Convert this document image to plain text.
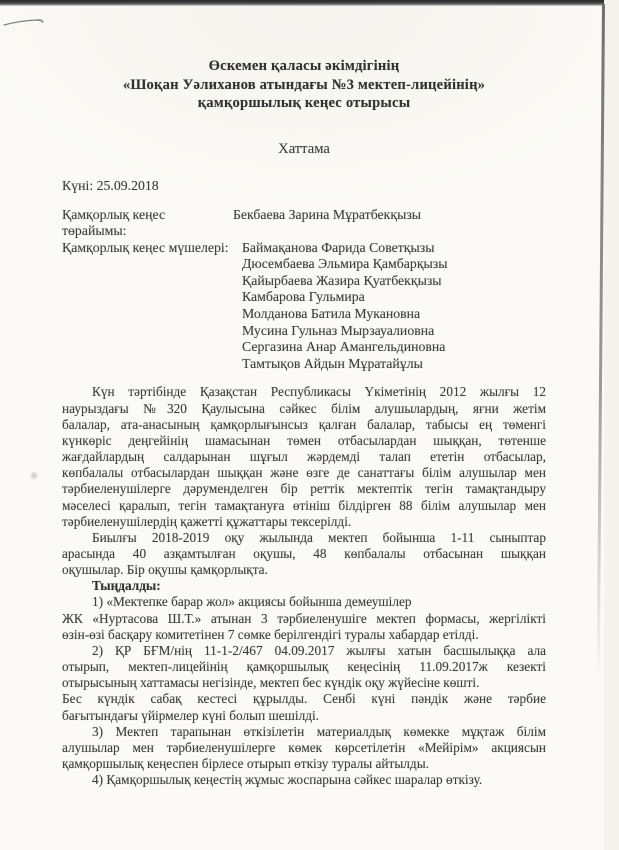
Өскемен қаласы әкімдігінің
«Шоқан Уәлиханов атындағы №3 мектеп-лицейінің»
қамқоршылық кеңес отырысы
Хаттама
Күні: 25.09.2018
Қамқорлық кеңес төрайымы:
Бекбаева Зарина Мұратбекқызы
Қамқорлық кеңес мүшелері: Баймақанова Фарида Советқызы
Дюсембаева Эльмира Қамбарқызы
Қайырбаева Жазира Қуатбекқызы
Камбарова Гульмира
Молданова Батила Мукановна
Мусина Гульназ Мырзауалиовна
Сергазина Анар Амангельдиновна
Тамтықов Айдын Мұратайұлы
Күн тәртібінде Қазақстан Республикасы Үкіметінің 2012 жылғы 12
наурыздағы №320 Қаулысына сәйкес білім алушылардың, яғни жетім
балалар, ата-анасының қамқорлығынсыз қалған балалар, табысы ең төменгі
күнкөріс деңгейінің шамасынан төмен отбасылардан шыққан, төтенше
жағдайлардың салдарынан шұғыл жәрдемді талап ететін отбасылар,
көпбалалы отбасылардан шыққан және өзге де санаттағы білім алушылар мен
тәрбиеленушілерге дәруменделген бір реттік мектептік тегін тамақтандыру
мәселесі қаралып, тегін тамақтануға өтініш білдірген 88 білім алушылар мен
тәрбиеленушілердің қажетті құжаттары тексерілді.
Биылғы 2018-2019 оқу жылында мектеп бойынша 1-11 сыныптар
арасында 40 азқамтылған оқушы, 48 көпбалалы отбасынан шыққан
оқушылар. Бір оқушы қамқорлықта.
Тыңдалды:
1) «Мектепке барар жол» акциясы бойынша демеушілер
ЖК «Нуртасова Ш.Т.» атынан 3 тәрбиеленушіге мектеп формасы, жергілікті
өзін-өзі басқару комитетінен 7 сөмке берілгендігі туралы хабардар етілді.
2) ҚР БҒМ/нің 11-1-2/467 04.09.2017 жылғы хатын басшылыққа ала
отырып, мектеп-лицейінің қамқоршылық кеңесінің 11.09.2017ж кезекті
отырысының хаттамасы негізінде, мектеп бес күндік оқу жүйесіне көшті.
Бес күндік сабақ кестесі құрылды. Сенбі күні пәндік және тәрбие
бағытындағы үйірмелер күні болып шешілді.
3) Мектеп тарапынан өткізілетін материалдық көмекке мұқтаж білім
алушылар мен тәрбиеленушілерге көмек көрсетілетін «Мейірім» акциясын
қамқоршылық кеңеспен бірлесе отырып өткізу туралы айтылды.
4) Қамқоршылық кеңестің жұмыс жоспарына сәйкес шаралар өткізу.
